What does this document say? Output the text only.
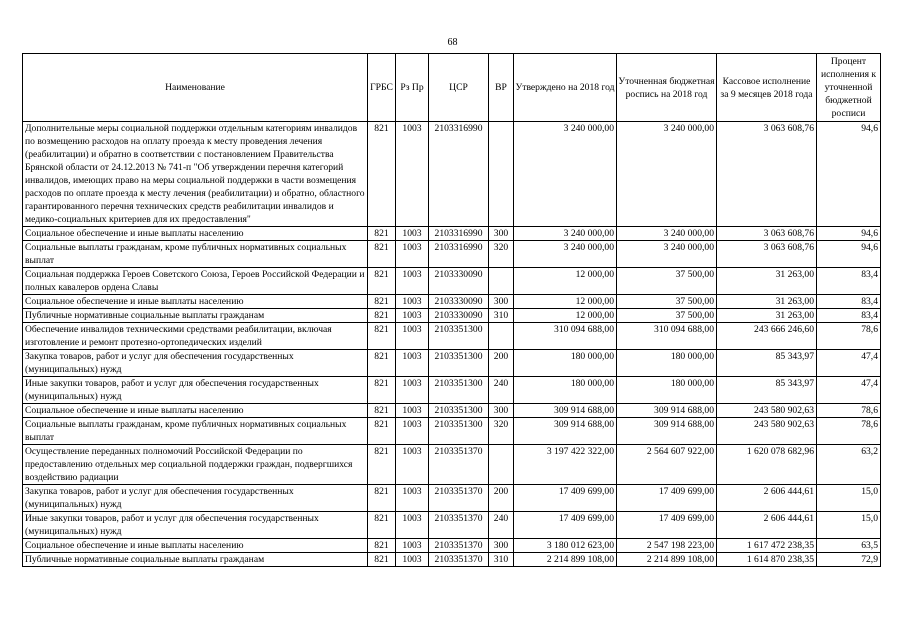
68
Наименование	ГРБС	Рз Пр	ЦСР	ВР	Утверждено на 2018 год	Уточненная бюджетная роспись на 2018 год	Кассовое исполнение за 9 месяцев 2018 года	Процент исполнения к уточненной бюджетной росписи
Дополнительные меры социальной поддержки отдельным категориям инвалидов по возмещению расходов на оплату проезда к месту проведения лечения (реабилитации) и обратно в соответствии с постановлением Правительства Брянской области от 24.12.2013 № 741-п "Об утверждении перечня категорий инвалидов, имеющих право на меры социальной поддержки в части возмещения расходов по оплате проезда к месту лечения (реабилитации) и обратно, областного гарантированного перечня технических средств реабилитации инвалидов и медико-социальных критериев для их предоставления"	821	1003	2103316990		3 240 000,00	3 240 000,00	3 063 608,76	94,6
Социальное обеспечение и иные выплаты населению	821	1003	2103316990	300	3 240 000,00	3 240 000,00	3 063 608,76	94,6
Социальные выплаты гражданам, кроме публичных нормативных социальных выплат	821	1003	2103316990	320	3 240 000,00	3 240 000,00	3 063 608,76	94,6
Социальная поддержка Героев Советского Союза, Героев Российской Федерации и полных кавалеров ордена Славы	821	1003	2103330090		12 000,00	37 500,00	31 263,00	83,4
Социальное обеспечение и иные выплаты населению	821	1003	2103330090	300	12 000,00	37 500,00	31 263,00	83,4
Публичные нормативные социальные выплаты гражданам	821	1003	2103330090	310	12 000,00	37 500,00	31 263,00	83,4
Обеспечение инвалидов техническими средствами реабилитации, включая изготовление и ремонт протезно-ортопедических изделий	821	1003	2103351300		310 094 688,00	310 094 688,00	243 666 246,60	78,6
Закупка товаров, работ и услуг для обеспечения государственных (муниципальных) нужд	821	1003	2103351300	200	180 000,00	180 000,00	85 343,97	47,4
Иные закупки товаров, работ и услуг для обеспечения государственных (муниципальных) нужд	821	1003	2103351300	240	180 000,00	180 000,00	85 343,97	47,4
Социальное обеспечение и иные выплаты населению	821	1003	2103351300	300	309 914 688,00	309 914 688,00	243 580 902,63	78,6
Социальные выплаты гражданам, кроме публичных нормативных социальных выплат	821	1003	2103351300	320	309 914 688,00	309 914 688,00	243 580 902,63	78,6
Осуществление переданных полномочий Российской Федерации по предоставлению отдельных мер социальной поддержки граждан, подвергшихся воздействию радиации	821	1003	2103351370		3 197 422 322,00	2 564 607 922,00	1 620 078 682,96	63,2
Закупка товаров, работ и услуг для обеспечения государственных (муниципальных) нужд	821	1003	2103351370	200	17 409 699,00	17 409 699,00	2 606 444,61	15,0
Иные закупки товаров, работ и услуг для обеспечения государственных (муниципальных) нужд	821	1003	2103351370	240	17 409 699,00	17 409 699,00	2 606 444,61	15,0
Социальное обеспечение и иные выплаты населению	821	1003	2103351370	300	3 180 012 623,00	2 547 198 223,00	1 617 472 238,35	63,5
Публичные нормативные социальные выплаты гражданам	821	1003	2103351370	310	2 214 899 108,00	2 214 899 108,00	1 614 870 238,35	72,9
